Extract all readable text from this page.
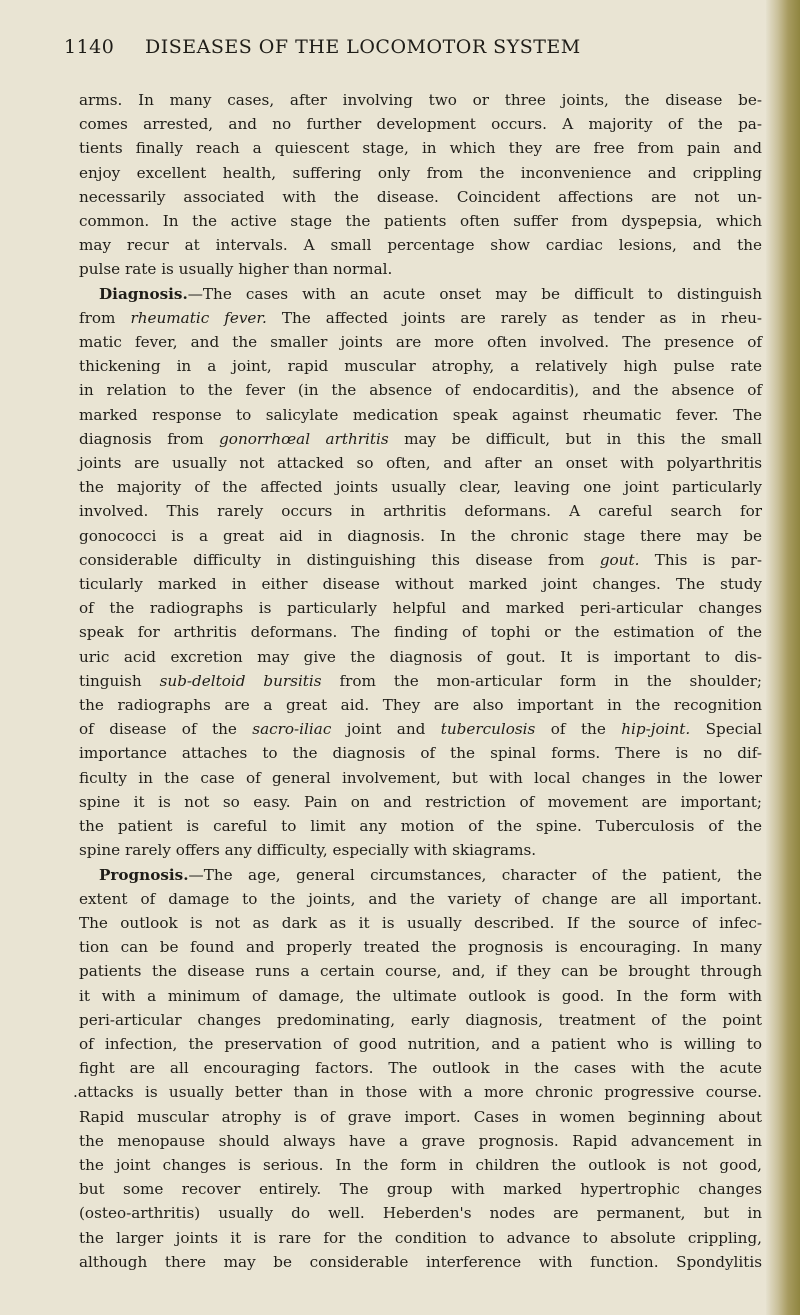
1140 DISEASES OF THE LOCOMOTOR SYSTEM
arms. In many cases, after involving two or three joints, the disease be-
comes arrested, and no further development occurs. A majority of the pa-
tients finally reach a quiescent stage, in which they are free from pain and
enjoy excellent health, suffering only from the inconvenience and crippling
necessarily associated with the disease. Coincident affections are not un-
common. In the active stage the patients often suffer from dyspepsia, which
may recur at intervals. A small percentage show cardiac lesions, and the
pulse rate is usually higher than normal.
Diagnosis.—The cases with an acute onset may be difficult to distinguish
from rheumatic fever. The affected joints are rarely as tender as in rheu-
matic fever, and the smaller joints are more often involved. The presence of
thickening in a joint, rapid muscular atrophy, a relatively high pulse rate
in relation to the fever (in the absence of endocarditis), and the absence of
marked response to salicylate medication speak against rheumatic fever. The
diagnosis from gonorrhœal arthritis may be difficult, but in this the small
joints are usually not attacked so often, and after an onset with polyarthritis
the majority of the affected joints usually clear, leaving one joint particularly
involved. This rarely occurs in arthritis deformans. A careful search for
gonococci is a great aid in diagnosis. In the chronic stage there may be
considerable difficulty in distinguishing this disease from gout. This is par-
ticularly marked in either disease without marked joint changes. The study
of the radiographs is particularly helpful and marked peri-articular changes
speak for arthritis deformans. The finding of tophi or the estimation of the
uric acid excretion may give the diagnosis of gout. It is important to dis-
tinguish sub-deltoid bursitis from the mon-articular form in the shoulder;
the radiographs are a great aid. They are also important in the recognition
of disease of the sacro-iliac joint and tuberculosis of the hip-joint. Special
importance attaches to the diagnosis of the spinal forms. There is no dif-
ficulty in the case of general involvement, but with local changes in the lower
spine it is not so easy. Pain on and restriction of movement are important;
the patient is careful to limit any motion of the spine. Tuberculosis of the
spine rarely offers any difficulty, especially with skiagrams.
Prognosis.—The age, general circumstances, character of the patient, the
extent of damage to the joints, and the variety of change are all important.
The outlook is not as dark as it is usually described. If the source of infec-
tion can be found and properly treated the prognosis is encouraging. In many
patients the disease runs a certain course, and, if they can be brought through
it with a minimum of damage, the ultimate outlook is good. In the form with
peri-articular changes predominating, early diagnosis, treatment of the point
of infection, the preservation of good nutrition, and a patient who is willing to
fight are all encouraging factors. The outlook in the cases with the acute
.attacks is usually better than in those with a more chronic progressive course.
Rapid muscular atrophy is of grave import. Cases in women beginning about
the menopause should always have a grave prognosis. Rapid advancement in
the joint changes is serious. In the form in children the outlook is not good,
but some recover entirely. The group with marked hypertrophic changes
(osteo-arthritis) usually do well. Heberden's nodes are permanent, but in
the larger joints it is rare for the condition to advance to absolute crippling,
although there may be considerable interference with function. Spondylitis
